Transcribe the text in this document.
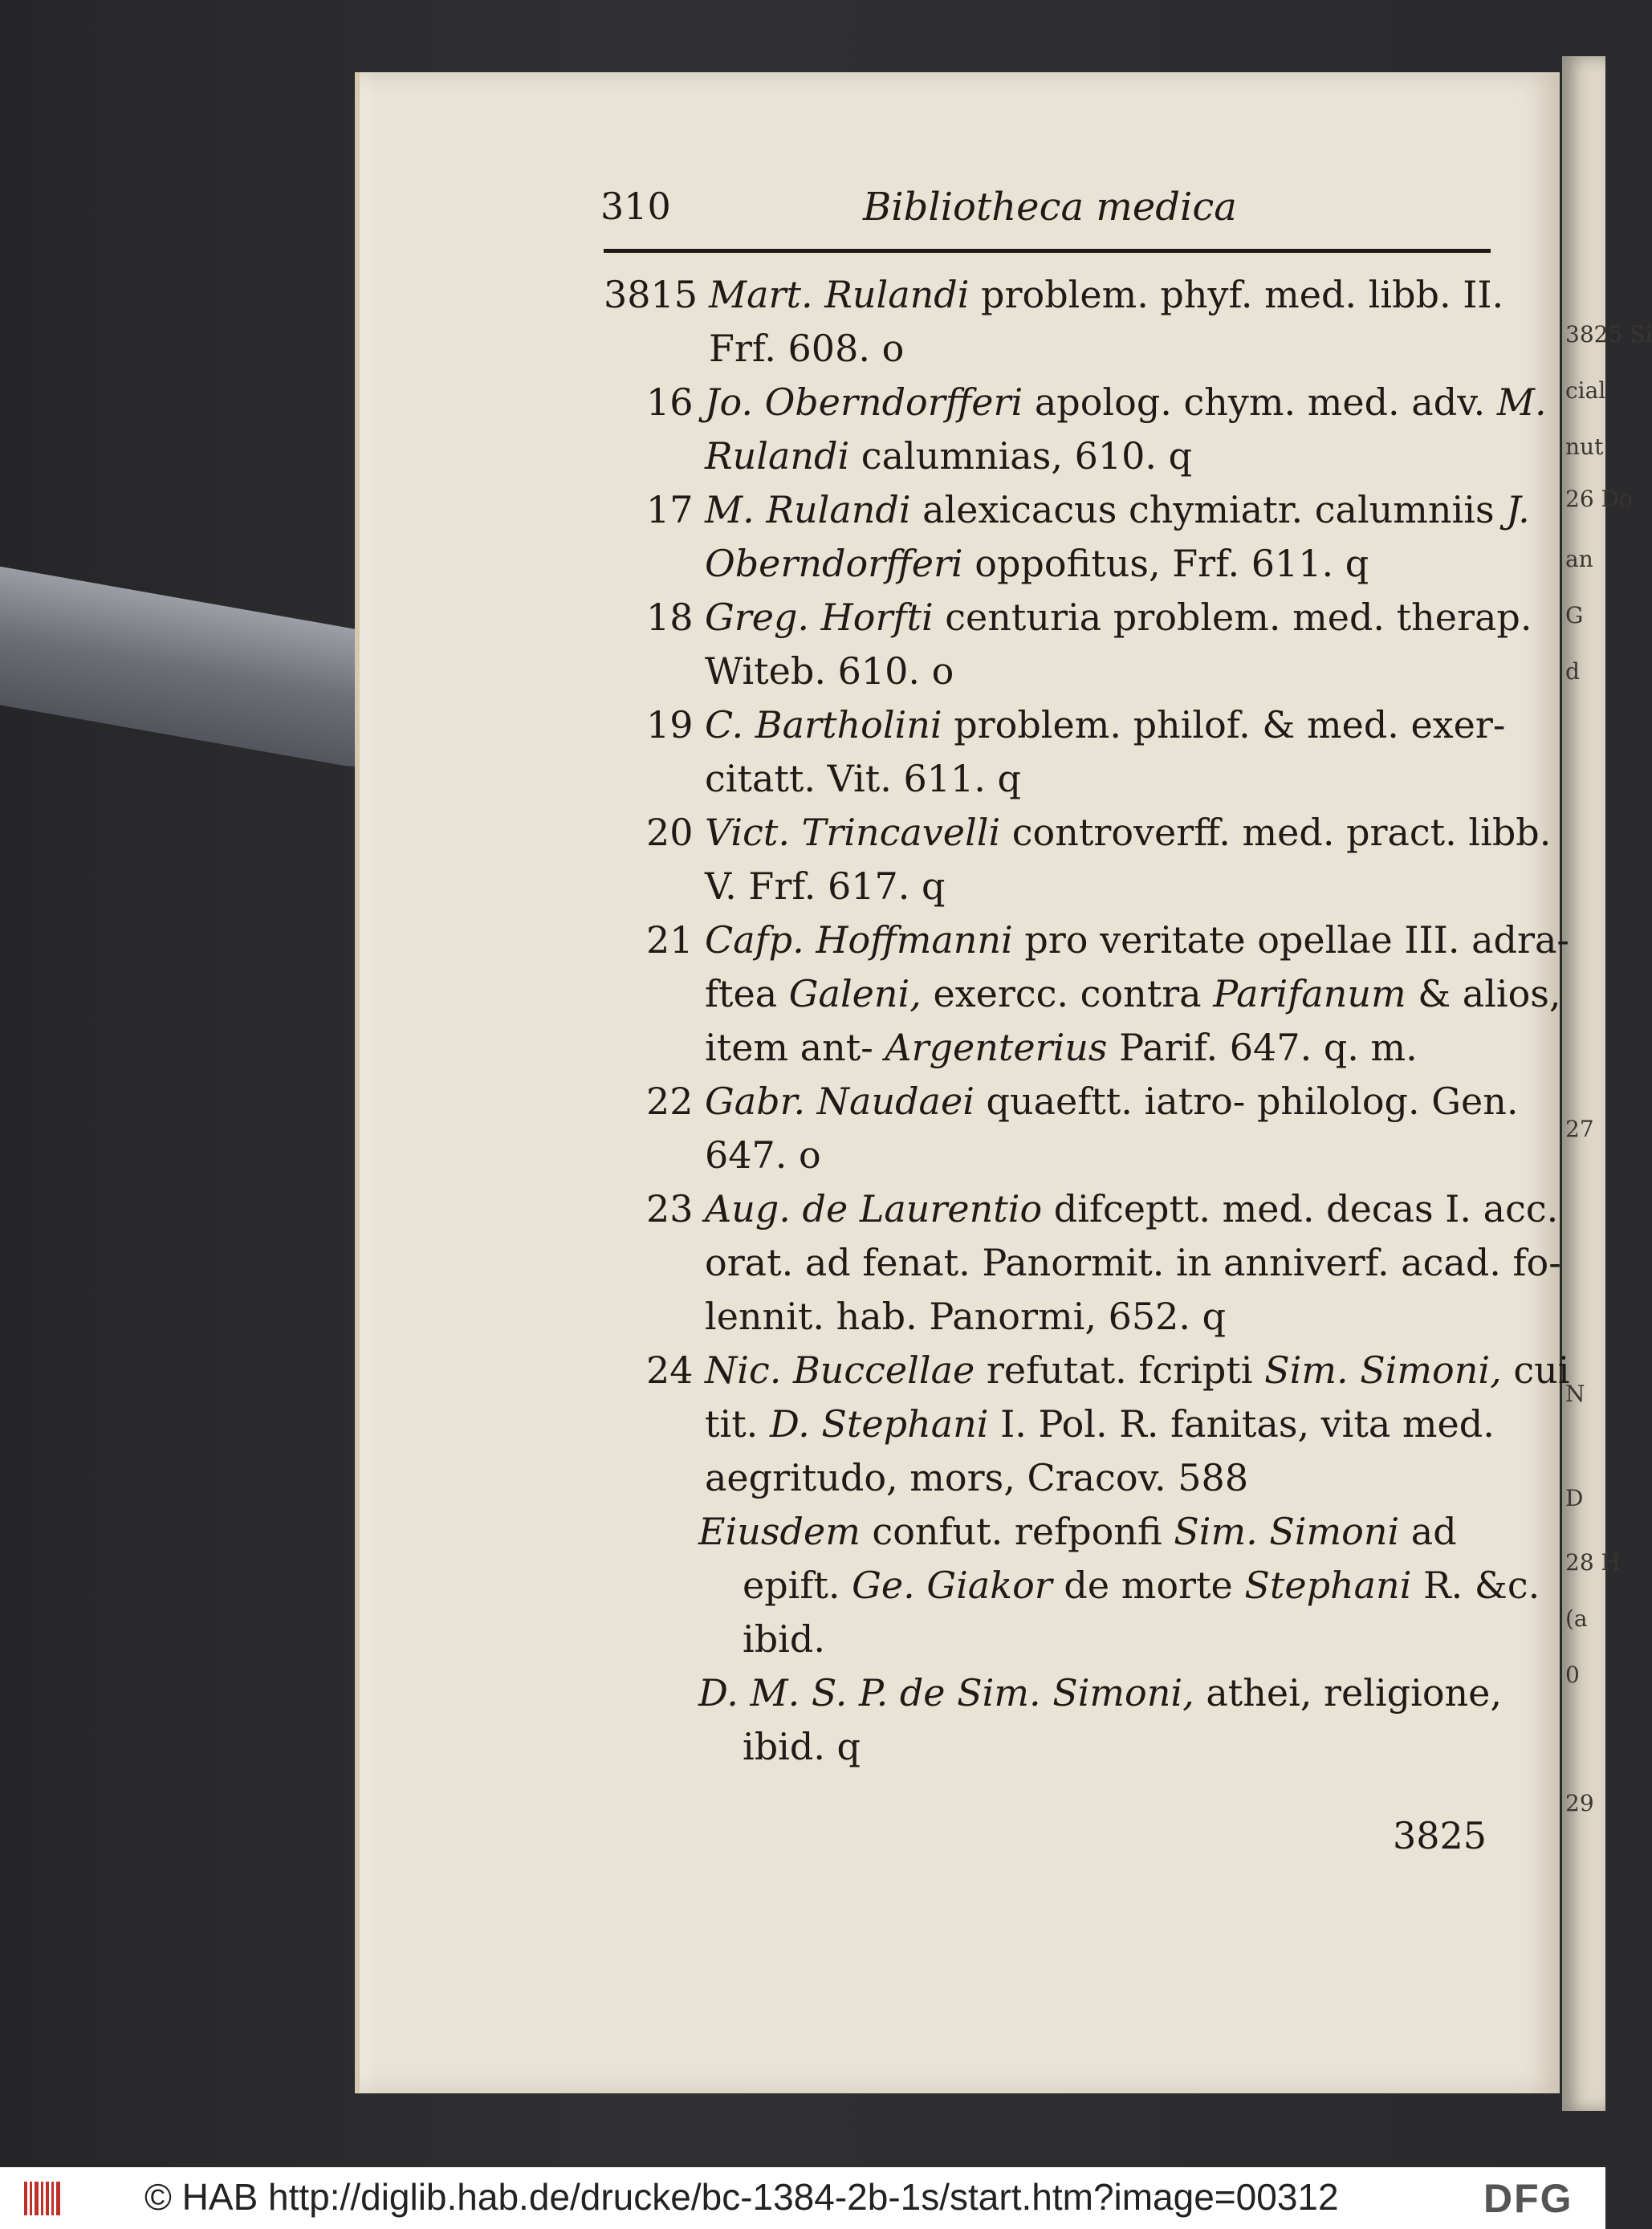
3825 Si
cial
nut
26 Do
an
G
d
27
N
D
28 H
(a
0
29
310	Bibliotheca medica
3815 Mart. Rulandi problem. phyf. med. libb. II.
Frf. 608. o
16 Jo. Oberndorfferi apolog. chym. med. adv. M.
Rulandi calumnias, 610. q
17 M. Rulandi alexicacus chymiatr. calumniis J.
Oberndorfferi oppofitus, Frf. 611. q
18 Greg. Horfti centuria problem. med. therap.
Witeb. 610. o
19 C. Bartholini problem. philof. & med. exer-
citatt. Vit. 611. q
20 Vict. Trincavelli controverff. med. pract. libb.
V. Frf. 617. q
21 Cafp. Hoffmanni pro veritate opellae III. adra-
ftea Galeni, exercc. contra Parifanum & alios,
item ant- Argenterius Parif. 647. q. m.
22 Gabr. Naudaei quaeftt. iatro- philolog. Gen.
647. o
23 Aug. de Laurentio difceptt. med. decas I. acc.
orat. ad fenat. Panormit. in anniverf. acad. fo-
lennit. hab. Panormi, 652. q
24 Nic. Buccellae refutat. fcripti Sim. Simoni, cui
tit. D. Stephani I. Pol. R. fanitas, vita med.
aegritudo, mors, Cracov. 588
Eiusdem confut. refponfi Sim. Simoni ad
epift. Ge. Giakor de morte Stephani R. &c.
ibid.
D. M. S. P. de Sim. Simoni, athei, religione,
ibid. q
3825
© HAB http://diglib.hab.de/drucke/bc-1384-2b-1s/start.htm?image=00312	DFG
